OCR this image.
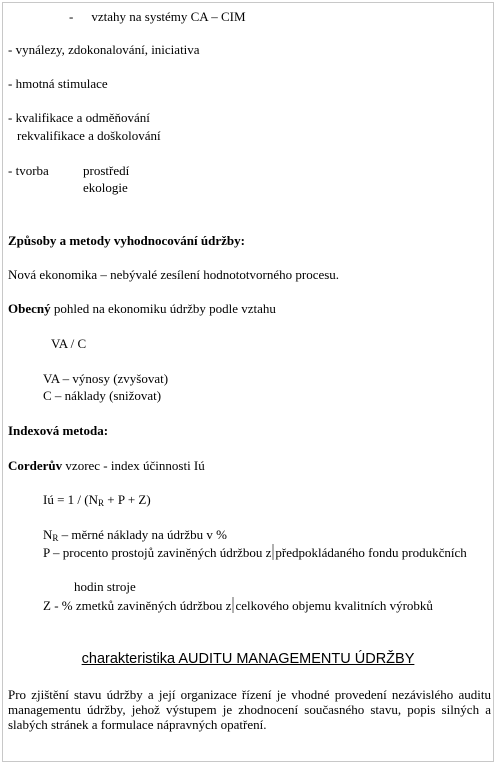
- vztahy na systémy CA – CIM
- vynálezy, zdokonalování, iniciativa
- hmotná stimulace
- kvalifikace a odměňování
rekvalifikace a doškolování
- tvorba	prostředí
ekologie
Způsoby a metody vyhodnocování údržby:
Nová ekonomika – nebývalé zesílení hodnototvorného procesu.
Obecný pohled na ekonomiku údržby podle vztahu
VA / C
VA – výnosy (zvyšovat)
C – náklady (snižovat)
Indexová metoda:
Corderův vzorec - index účinnosti Iú
Iú = $1 / (N_R + P + Z)$
$N_R$ – měrné náklady na údržbu v %
P – procento prostojů zaviněných údržbou z předpokládaného fondu produkčních
hodin stroje
Z - % zmetků zaviněných údržbou z celkového objemu kvalitních výrobků
charakteristika AUDITU MANAGEMENTU ÚDRŽBY
Pro zjištění stavu údržby a její organizace řízení je vhodné provedení nezávislého auditu managementu údržby, jehož výstupem je zhodnocení současného stavu, popis silných a slabých stránek a formulace nápravných opatření.
